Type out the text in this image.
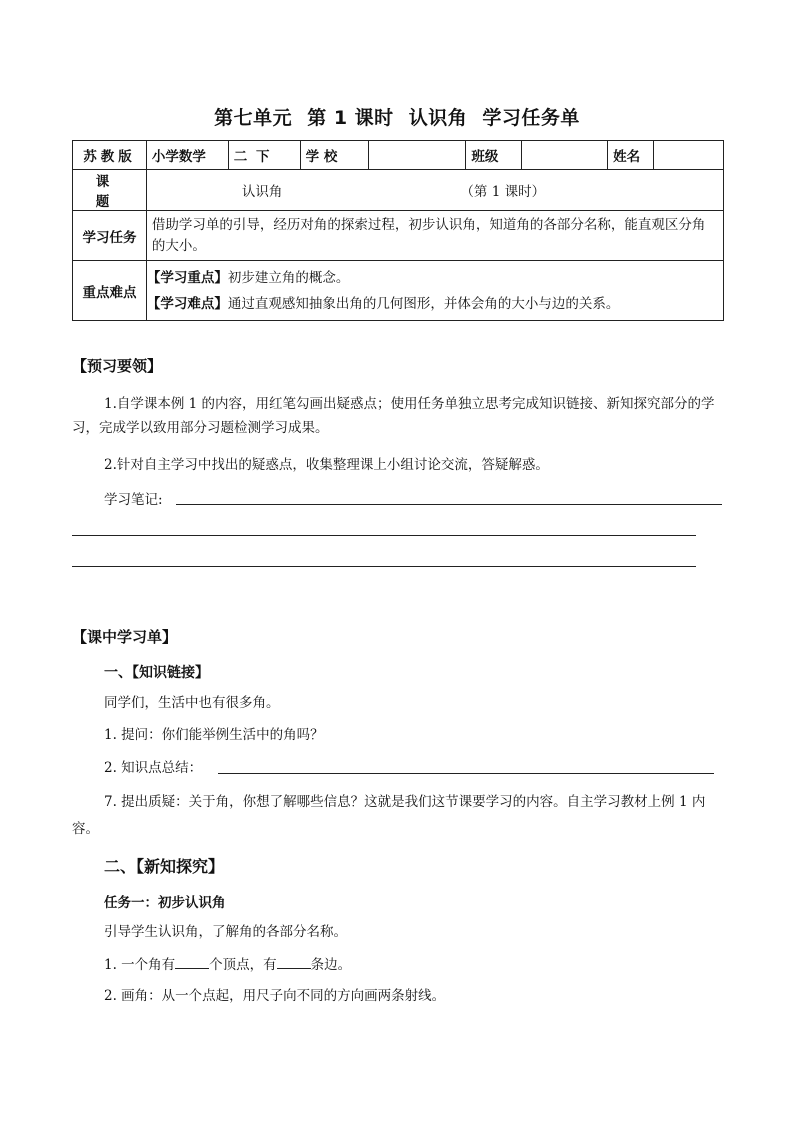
第七单元 第 1 课时 认识角 学习任务单
苏教版	小学数学	二 下	学 校		班级		姓名	
课 题	认识角 （第 1 课时）							
学习任务	借助学习单的引导，经历对角的探索过程，初步认识角，知道角的各部分名称，能直观区分角的大小。							
重点难点	【学习重点】初步建立角的概念。
【学习难点】通过直观感知抽象出角的几何图形，并体会角的大小与边的关系。							
【预习要领】
1.自学课本例 1 的内容，用红笔勾画出疑惑点；使用任务单独立思考完成知识链接、新知探究部分的学习，完成学以致用部分习题检测学习成果。
2.针对自主学习中找出的疑惑点，收集整理课上小组讨论交流，答疑解惑。
学习笔记:
【课中学习单】
一、【知识链接】
同学们，生活中也有很多角。
1. 提问：你们能举例生活中的角吗？
2. 知识点总结：
7. 提出质疑：关于角，你想了解哪些信息？这就是我们这节课要学习的内容。自主学习教材上例 1 内容。
二、【新知探究】
任务一：初步认识角
引导学生认识角，了解角的各部分名称。
1. 一个角有	个顶点，有	条边。
2. 画角：从一个点起，用尺子向不同的方向画两条射线。
